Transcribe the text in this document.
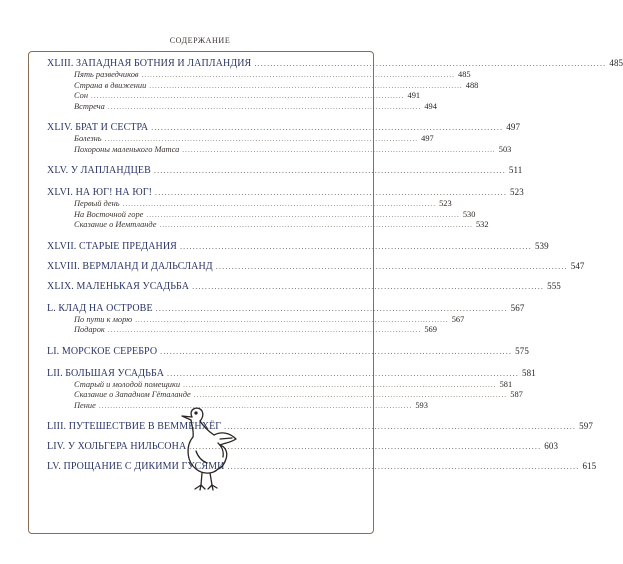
СОДЕРЖАНИЕ
XLIII. ЗАПАДНАЯ БОТНИЯ И ЛАПЛАНДИЯ .............................................................................................................. 485
Пять разведчиков .............................................................................................................. 485
Страна в движении .............................................................................................................. 488
Сон .............................................................................................................. 491
Встреча .............................................................................................................. 494
XLIV. БРАТ И СЕСТРА .............................................................................................................. 497
Болезнь .............................................................................................................. 497
Похороны маленького Матса .............................................................................................................. 503
XLV. У ЛАПЛАНДЦЕВ .............................................................................................................. 511
XLVI. НА ЮГ! НА ЮГ! .............................................................................................................. 523
Первый день .............................................................................................................. 523
На Восточной горе .............................................................................................................. 530
Сказание о Иемтланде .............................................................................................................. 532
XLVII. СТАРЫЕ ПРЕДАНИЯ .............................................................................................................. 539
XLVIII. ВЕРМЛАНД И ДАЛЬСЛАНД .............................................................................................................. 547
XLIX. МАЛЕНЬКАЯ УСАДЬБА .............................................................................................................. 555
L. КЛАД НА ОСТРОВЕ .............................................................................................................. 567
По пути к морю .............................................................................................................. 567
Подарок .............................................................................................................. 569
LI. МОРСКОЕ СЕРЕБРО .............................................................................................................. 575
LII. БОЛЬШАЯ УСАДЬБА .............................................................................................................. 581
Старый и молодой помещики .............................................................................................................. 581
Сказание о Западном Гёталанде .............................................................................................................. 587
Пение .............................................................................................................. 593
LIII. ПУТЕШЕСТВИЕ В ВЕММЕНХЁГ .............................................................................................................. 597
LIV. У ХОЛЬГЕРА НИЛЬСОНА .............................................................................................................. 603
LV. ПРОЩАНИЕ С ДИКИМИ ГУСЯМИ .............................................................................................................. 615
